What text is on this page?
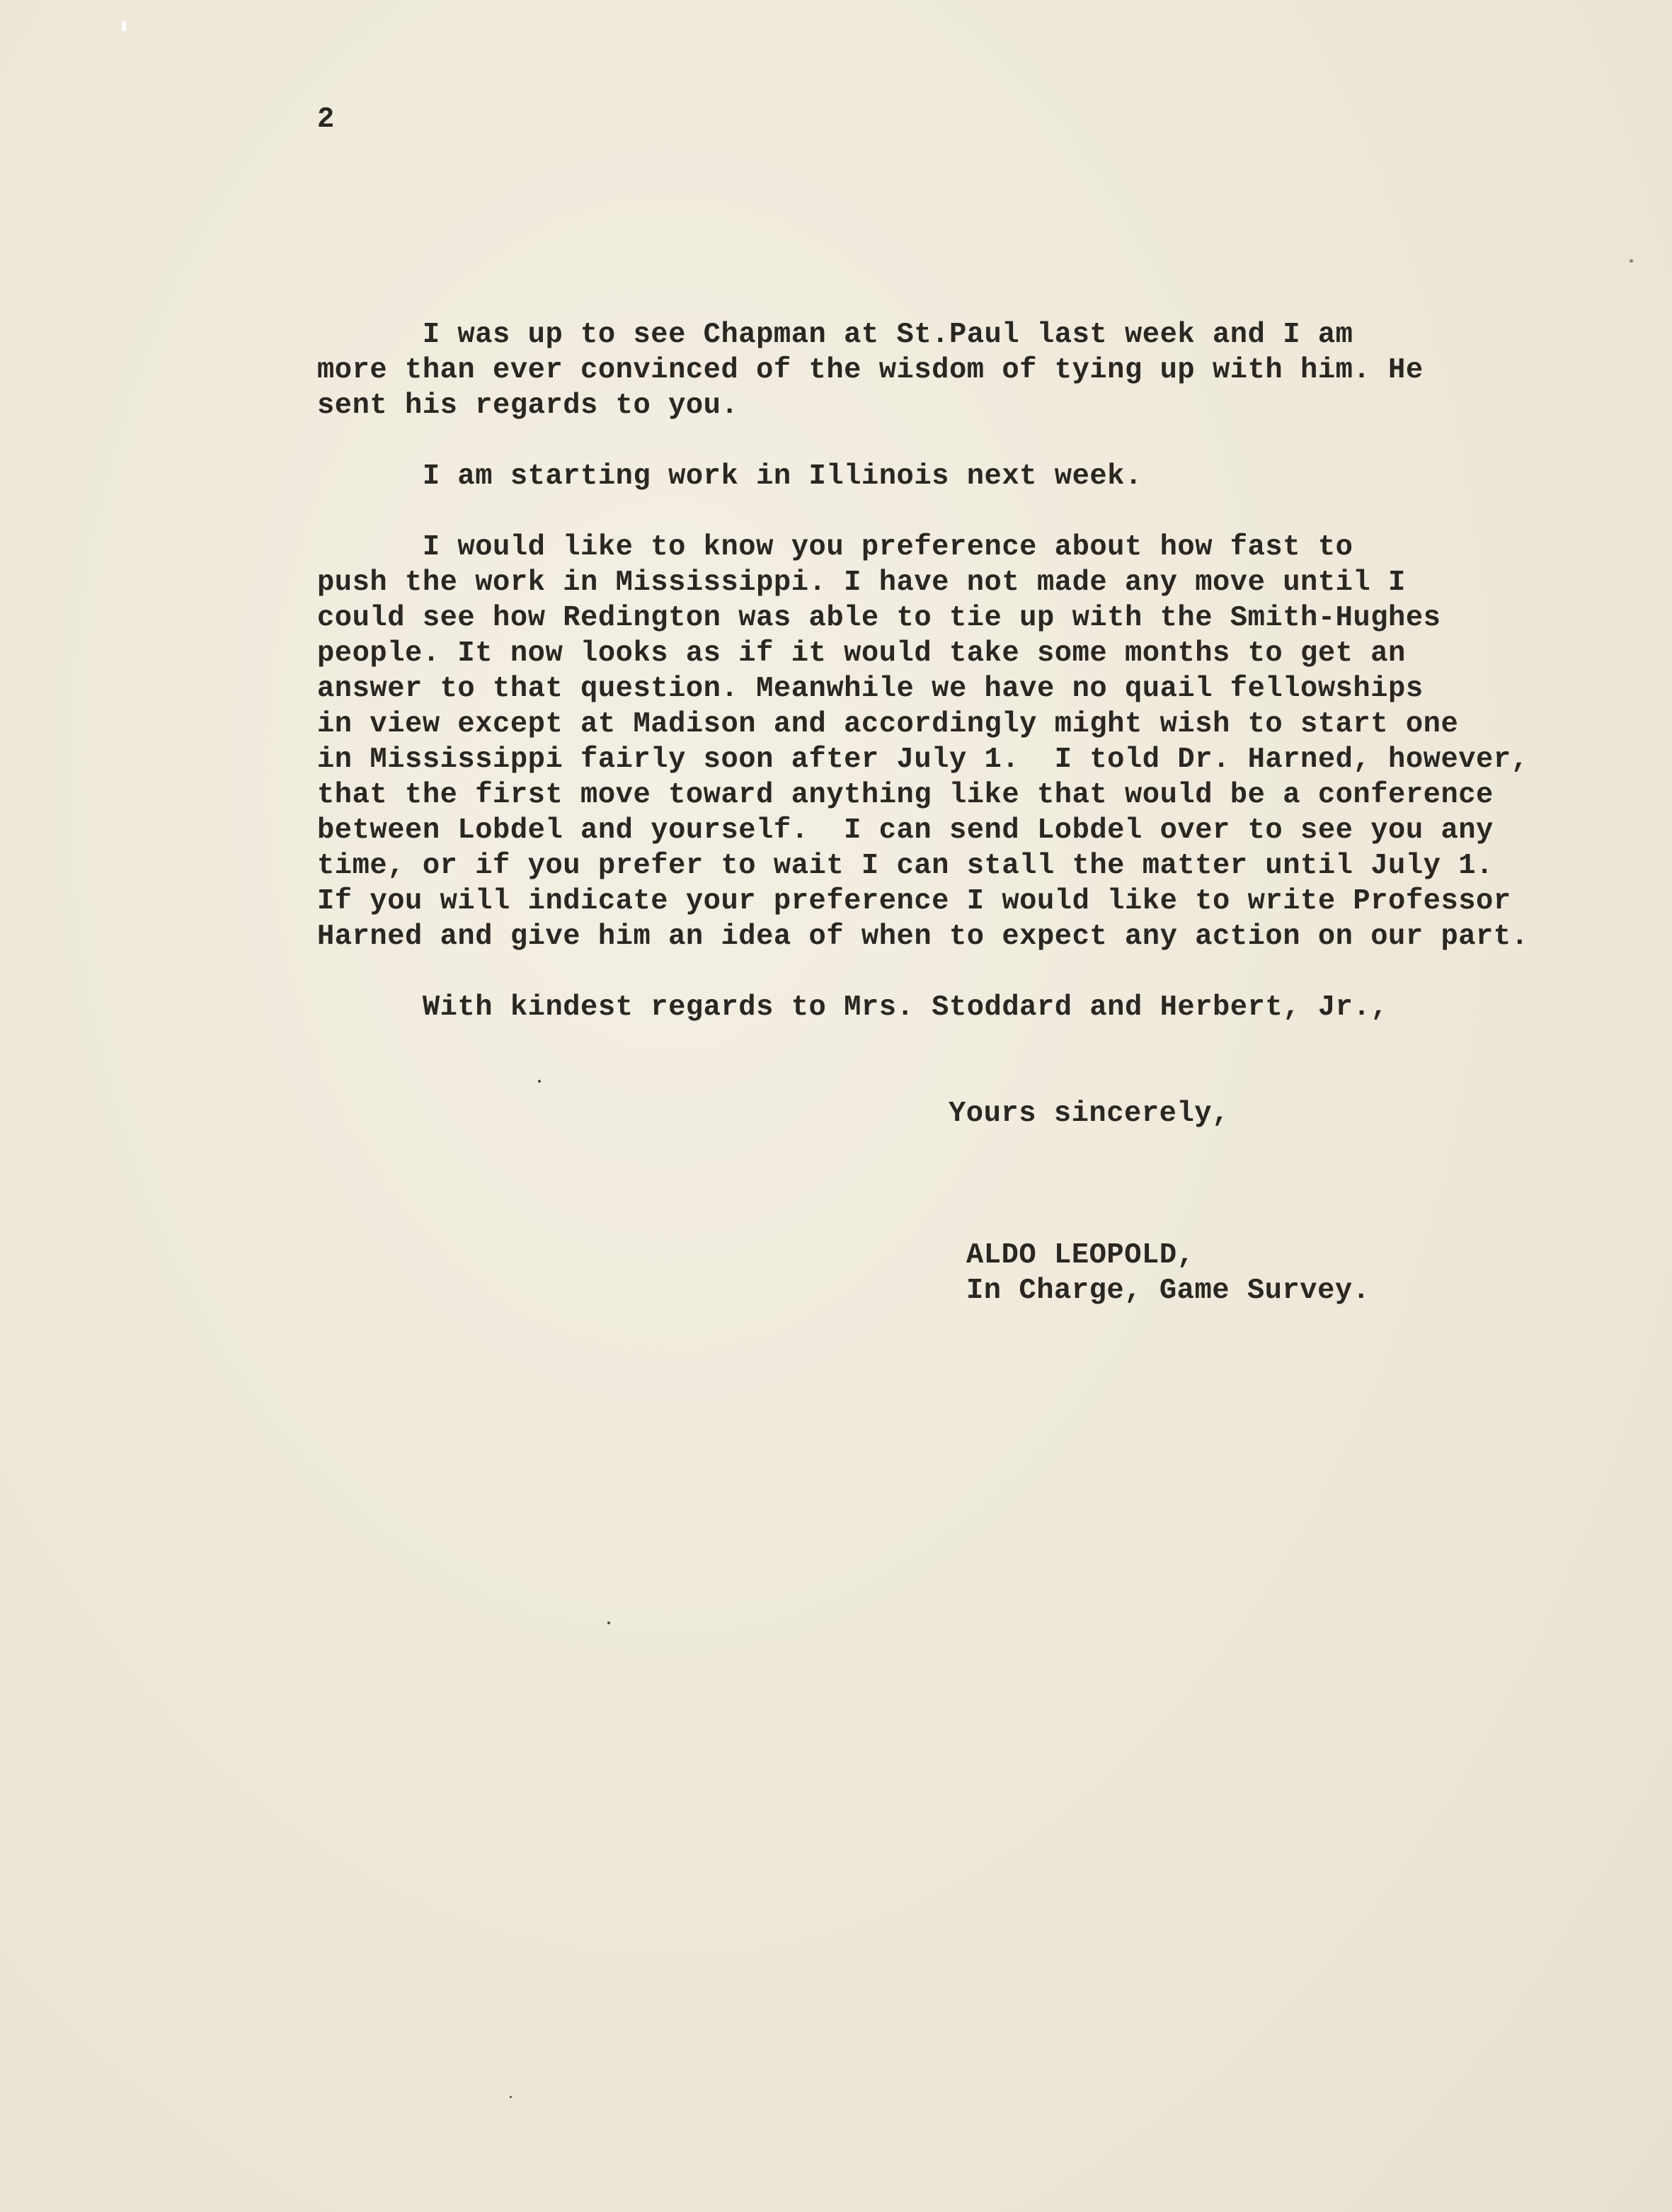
2
I was up to see Chapman at St.Paul last week and I am
more than ever convinced of the wisdom of tying up with him. He
sent his regards to you.
I am starting work in Illinois next week.
I would like to know you preference about how fast to
push the work in Mississippi. I have not made any move until I
could see how Redington was able to tie up with the Smith-Hughes
people. It now looks as if it would take some months to get an
answer to that question. Meanwhile we have no quail fellowships
in view except at Madison and accordingly might wish to start one
in Mississippi fairly soon after July 1.  I told Dr. Harned, however,
that the first move toward anything like that would be a conference
between Lobdel and yourself.  I can send Lobdel over to see you any
time, or if you prefer to wait I can stall the matter until July 1.
If you will indicate your preference I would like to write Professor
Harned and give him an idea of when to expect any action on our part.
With kindest regards to Mrs. Stoddard and Herbert, Jr.,
Yours sincerely,
ALDO LEOPOLD,
In Charge, Game Survey.
